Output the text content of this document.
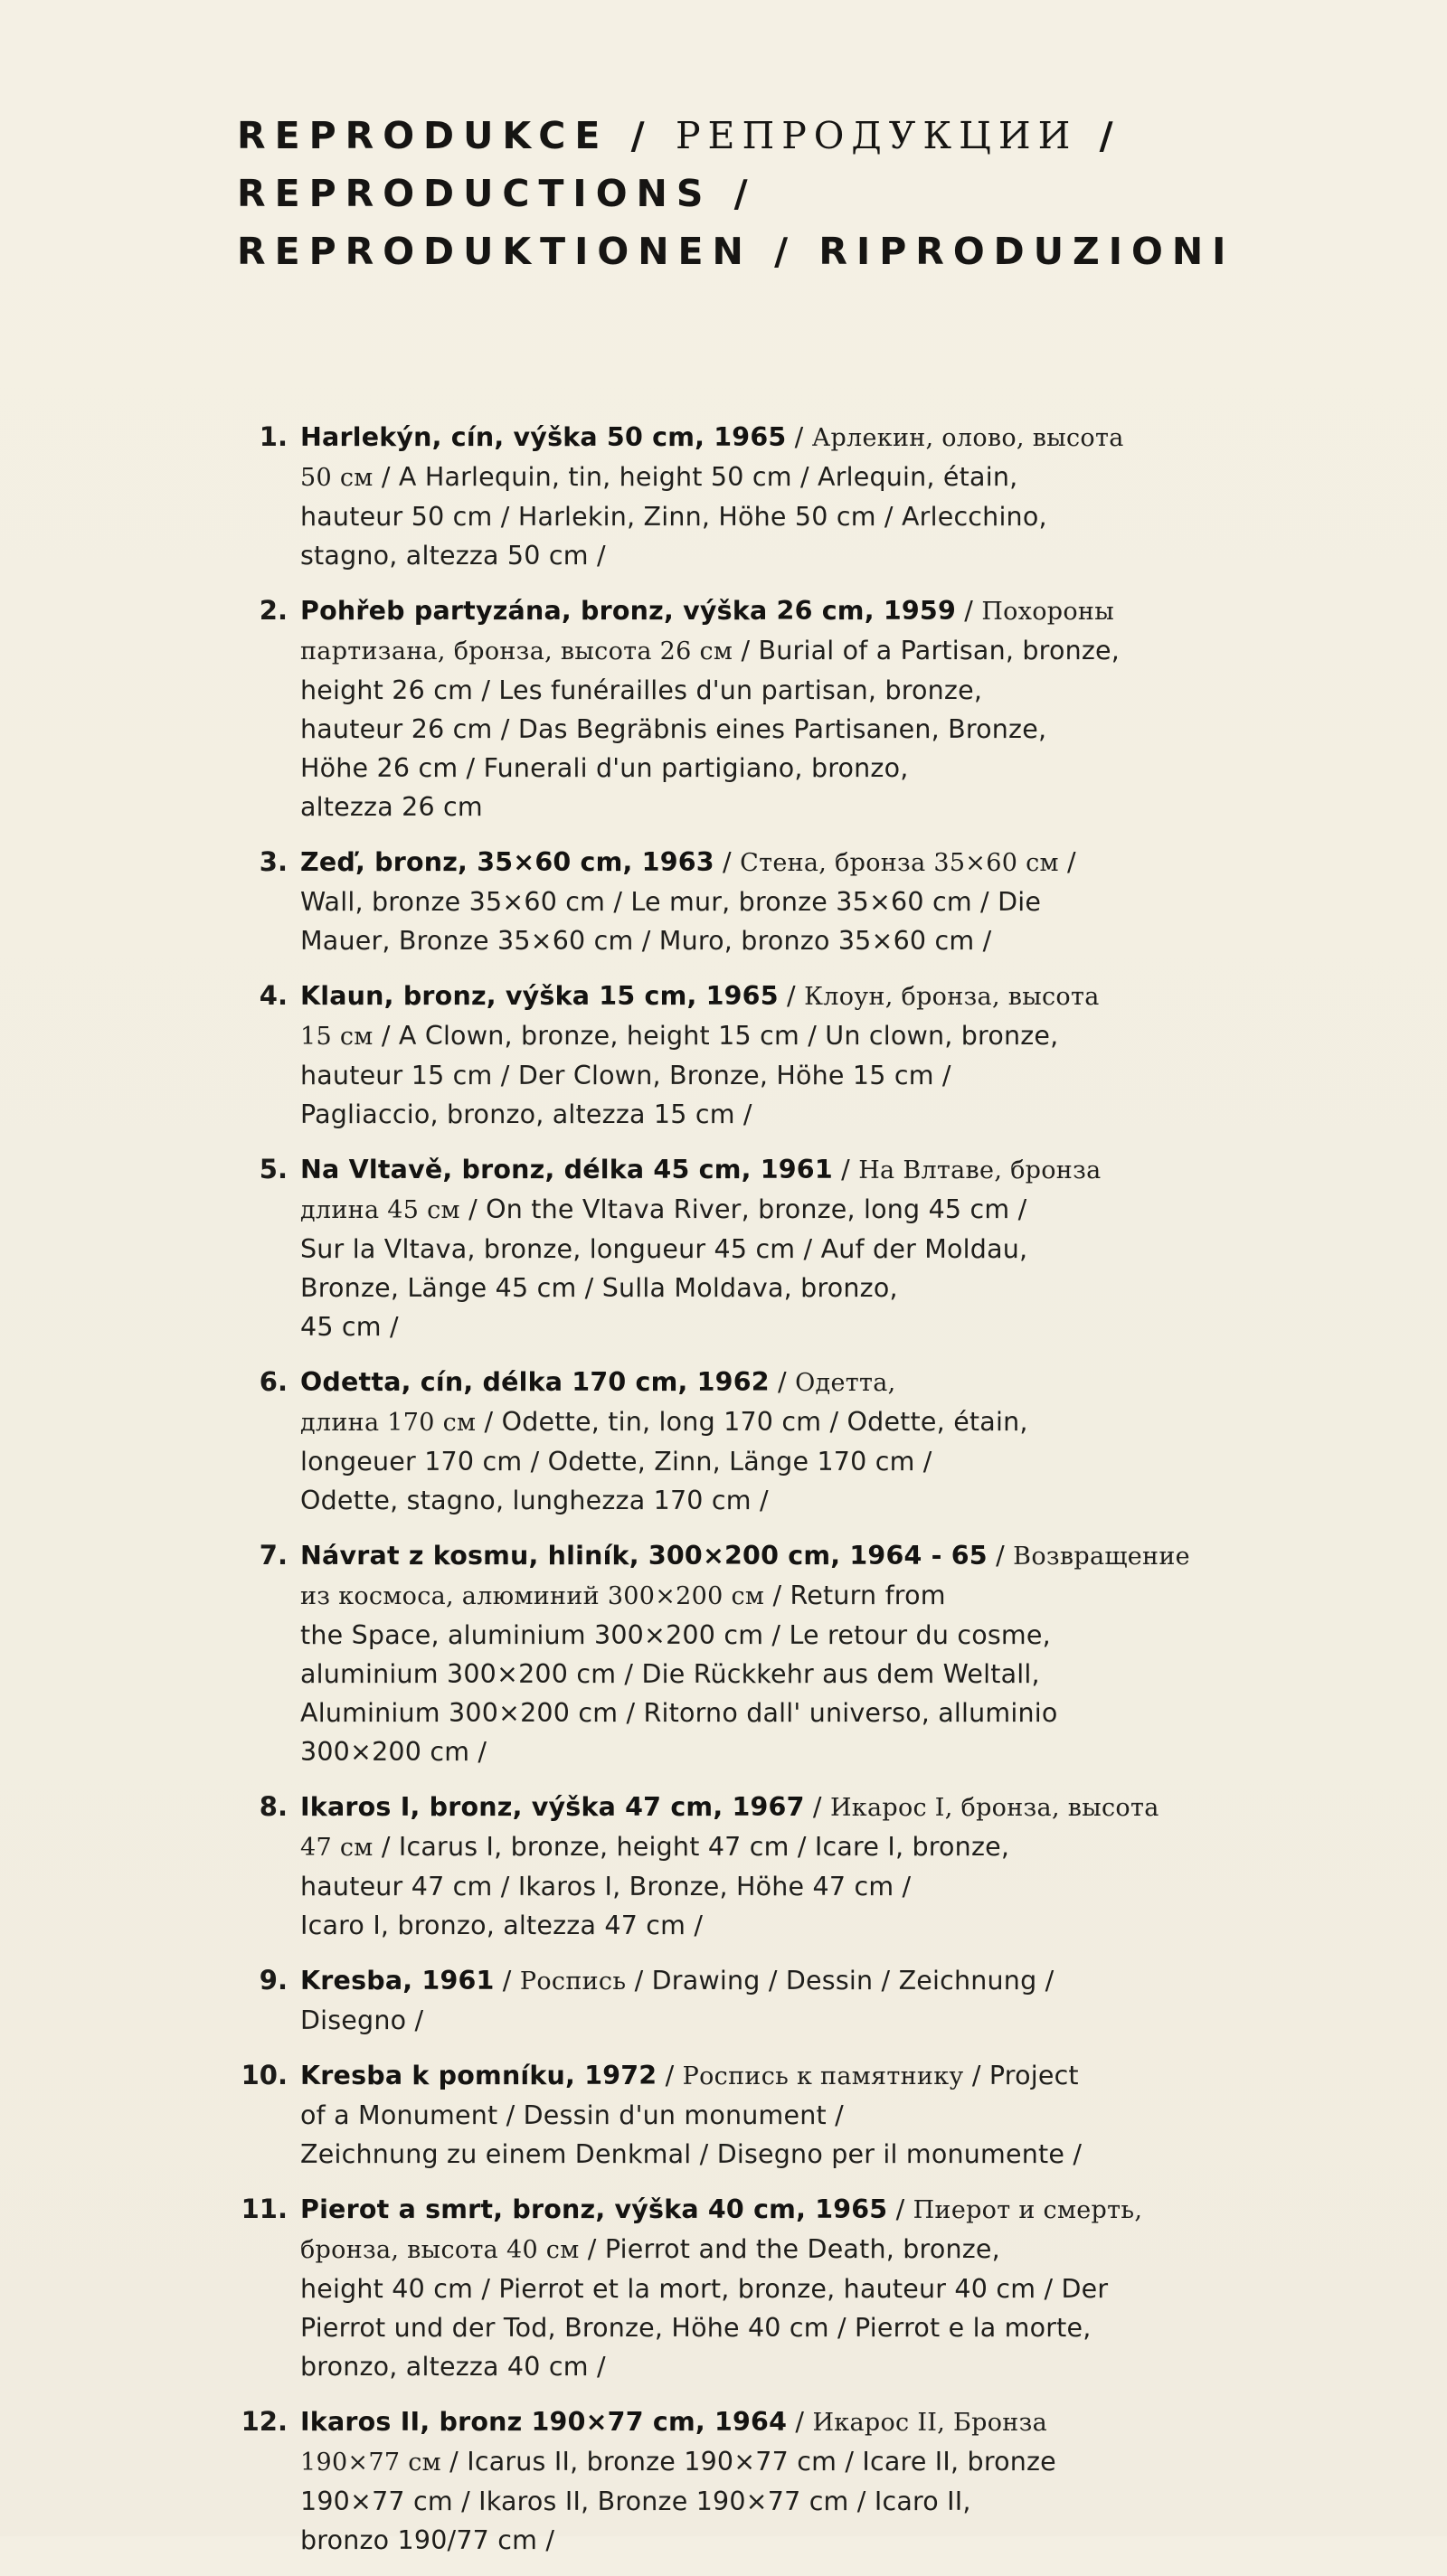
REPRODUKCE / РЕПРОДУКЦИИ /
REPRODUCTIONS /
REPRODUKTIONEN / RIPRODUZIONI
1. Harlekýn, cín, výška 50 cm, 1965 / Арлекин, олово, высота
50 см / A Harlequin, tin, height 50 cm / Arlequin, étain,
hauteur 50 cm / Harlekin, Zinn, Höhe 50 cm / Arlecchino,
stagno, altezza 50 cm /
2. Pohřeb partyzána, bronz, výška 26 cm, 1959 / Похороны
партизана, бронза, высота 26 см / Burial of a Partisan, bronze,
height 26 cm / Les funérailles d'un partisan, bronze,
hauteur 26 cm / Das Begräbnis eines Partisanen, Bronze,
Höhe 26 cm / Funerali d'un partigiano, bronzo,
altezza 26 cm
3. Zeď, bronz, 35×60 cm, 1963 / Стена, бронза 35×60 см /
Wall, bronze 35×60 cm / Le mur, bronze 35×60 cm / Die
Mauer, Bronze 35×60 cm / Muro, bronzo 35×60 cm /
4. Klaun, bronz, výška 15 cm, 1965 / Клоун, бронза, высота
15 см / A Clown, bronze, height 15 cm / Un clown, bronze,
hauteur 15 cm / Der Clown, Bronze, Höhe 15 cm /
Pagliaccio, bronzo, altezza 15 cm /
5. Na Vltavě, bronz, délka 45 cm, 1961 / На Влтаве, бронза
длина 45 см / On the Vltava River, bronze, long 45 cm /
Sur la Vltava, bronze, longueur 45 cm / Auf der Moldau,
Bronze, Länge 45 cm / Sulla Moldava, bronzo,
45 cm /
6. Odetta, cín, délka 170 cm, 1962 / Одетта,
длина 170 см / Odette, tin, long 170 cm / Odette, étain,
longeuer 170 cm / Odette, Zinn, Länge 170 cm /
Odette, stagno, lunghezza 170 cm /
7. Návrat z kosmu, hliník, 300×200 cm, 1964 - 65 / Возвращение
из космоса, алюминий 300×200 см / Return from
the Space, aluminium 300×200 cm / Le retour du cosme,
aluminium 300×200 cm / Die Rückkehr aus dem Weltall,
Aluminium 300×200 cm / Ritorno dall' universo, alluminio
300×200 cm /
8. Ikaros I, bronz, výška 47 cm, 1967 / Икарос I, бронза, высота
47 см / Icarus I, bronze, height 47 cm / Icare I, bronze,
hauteur 47 cm / Ikaros I, Bronze, Höhe 47 cm /
Icaro I, bronzo, altezza 47 cm /
9. Kresba, 1961 / Роспись / Drawing / Dessin / Zeichnung /
Disegno /
10. Kresba k pomníku, 1972 / Роспись к памятнику / Project
of a Monument / Dessin d'un monument /
Zeichnung zu einem Denkmal / Disegno per il monumente /
11. Pierot a smrt, bronz, výška 40 cm, 1965 / Пиерот и смерть,
бронза, высота 40 см / Pierrot and the Death, bronze,
height 40 cm / Pierrot et la mort, bronze, hauteur 40 cm / Der
Pierrot und der Tod, Bronze, Höhe 40 cm / Pierrot e la morte,
bronzo, altezza 40 cm /
12. Ikaros II, bronz 190×77 cm, 1964 / Икарос II, Бронза
190×77 см / Icarus II, bronze 190×77 cm / Icare II, bronze
190×77 cm / Ikaros II, Bronze 190×77 cm / Icaro II,
bronzo 190/77 cm /
